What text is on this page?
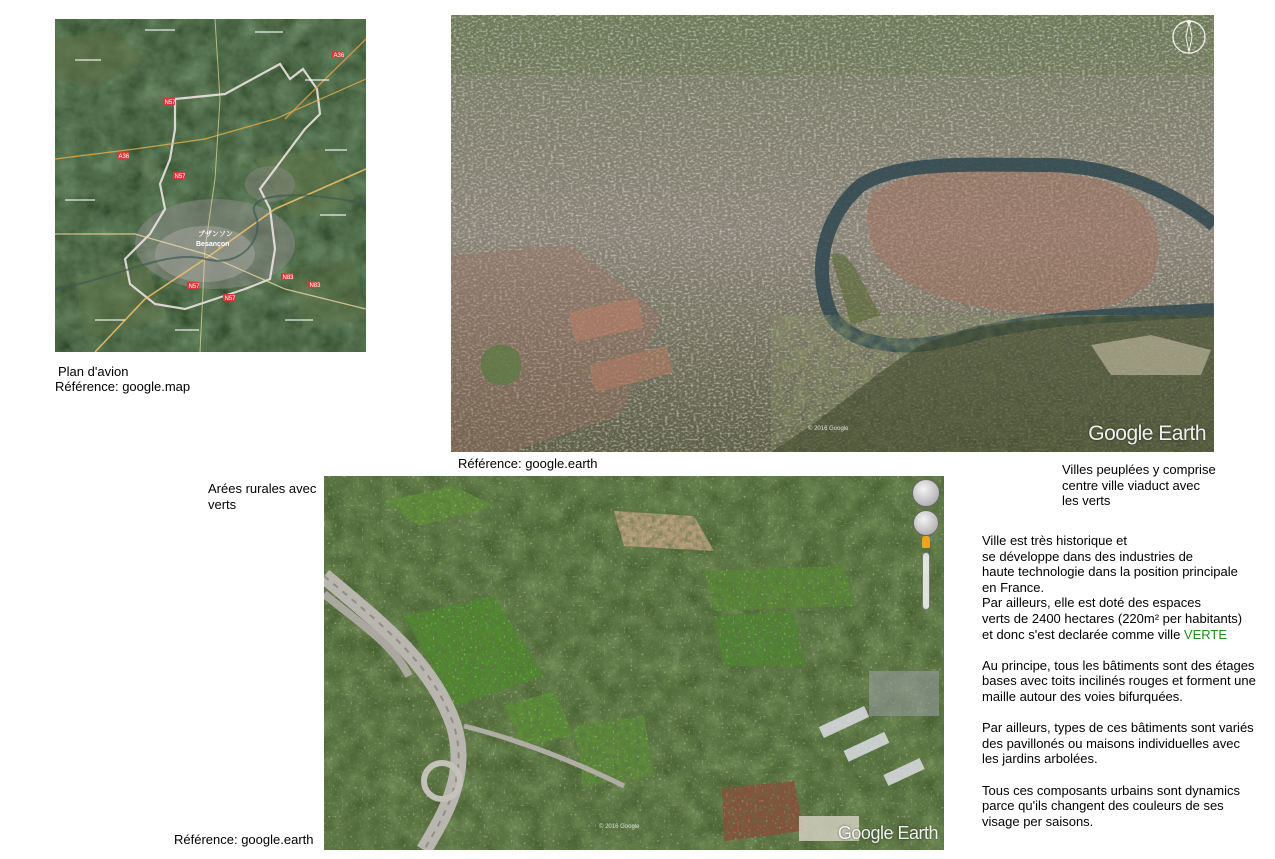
N57
N57
N57
N83
A36
A36
N57
N83
ブザンソン
Besançon
Plan d'avion
Référence: google.map
© 2016 Google	Google Earth
Référence: google.earth	Villes peuplées y comprise
centre ville viaduct avec
les verts
Arées rurales avec
verts
© 2016 Google	Google Earth
Référence: google.earth

Ville est très historique et
se développe dans des industries de
haute technologie dans la position principale
en France.
Par ailleurs, elle est doté des espaces
verts de 2400 hectares (220m² per habitants)
et donc s'est declarée comme ville VERTE

Au principe, tous les bâtiments sont des étages
bases avec toits incilinés rouges et forment une
maille autour des voies bifurquées.

Par ailleurs, types de ces bâtiments sont variés
des pavillonés ou maisons individuelles avec
les jardins arbolées.

Tous ces composants urbains sont dynamics
parce qu'ils changent des couleurs de ses
visage per saisons.
